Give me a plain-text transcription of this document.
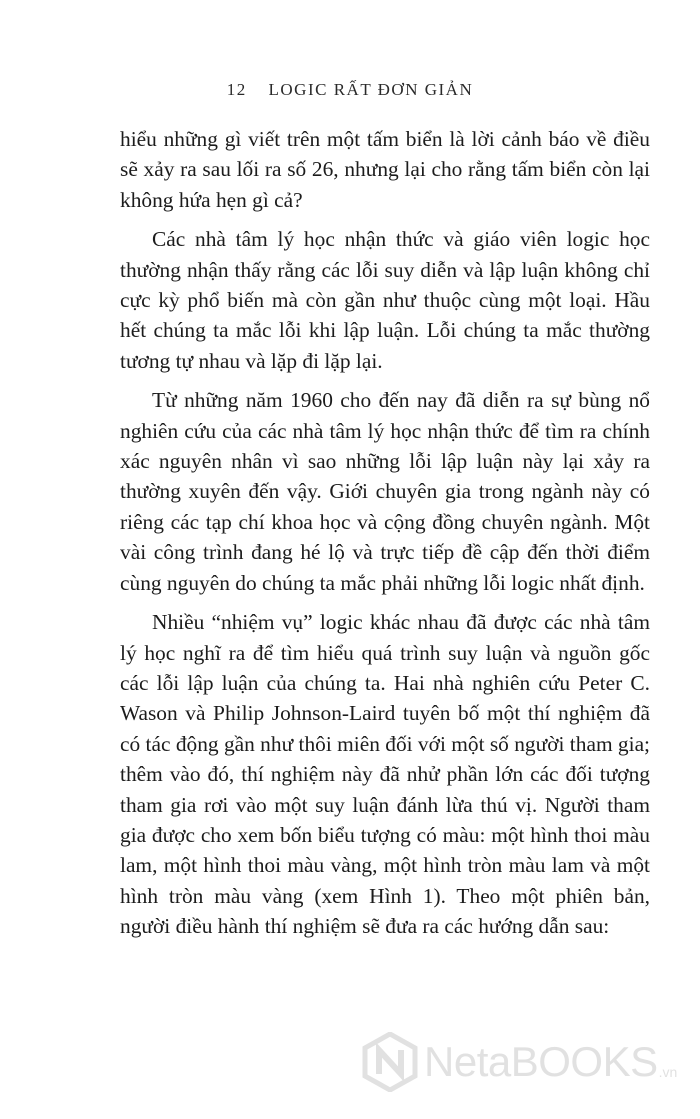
12 LOGIC RẤT ĐƠN GIẢN

hiểu những gì viết trên một tấm biển là lời cảnh báo về điều sẽ xảy ra sau lối ra số 26, nhưng lại cho rằng tấm biển còn lại không hứa hẹn gì cả?

Các nhà tâm lý học nhận thức và giáo viên logic học thường nhận thấy rằng các lỗi suy diễn và lập luận không chỉ cực kỳ phổ biến mà còn gần như thuộc cùng một loại. Hầu hết chúng ta mắc lỗi khi lập luận. Lỗi chúng ta mắc thường tương tự nhau và lặp đi lặp lại.

Từ những năm 1960 cho đến nay đã diễn ra sự bùng nổ nghiên cứu của các nhà tâm lý học nhận thức để tìm ra chính xác nguyên nhân vì sao những lỗi lập luận này lại xảy ra thường xuyên đến vậy. Giới chuyên gia trong ngành này có riêng các tạp chí khoa học và cộng đồng chuyên ngành. Một vài công trình đang hé lộ và trực tiếp đề cập đến thời điểm cùng nguyên do chúng ta mắc phải những lỗi logic nhất định.

Nhiều “nhiệm vụ” logic khác nhau đã được các nhà tâm lý học nghĩ ra để tìm hiểu quá trình suy luận và nguồn gốc các lỗi lập luận của chúng ta. Hai nhà nghiên cứu Peter C. Wason và Philip Johnson-Laird tuyên bố một thí nghiệm đã có tác động gần như thôi miên đối với một số người tham gia; thêm vào đó, thí nghiệm này đã nhử phần lớn các đối tượng tham gia rơi vào một suy luận đánh lừa thú vị. Người tham gia được cho xem bốn biểu tượng có màu: một hình thoi màu lam, một hình thoi màu vàng, một hình tròn màu lam và một hình tròn màu vàng (xem Hình 1). Theo một phiên bản, người điều hành thí nghiệm sẽ đưa ra các hướng dẫn sau:

NetaBOOKS .vn
